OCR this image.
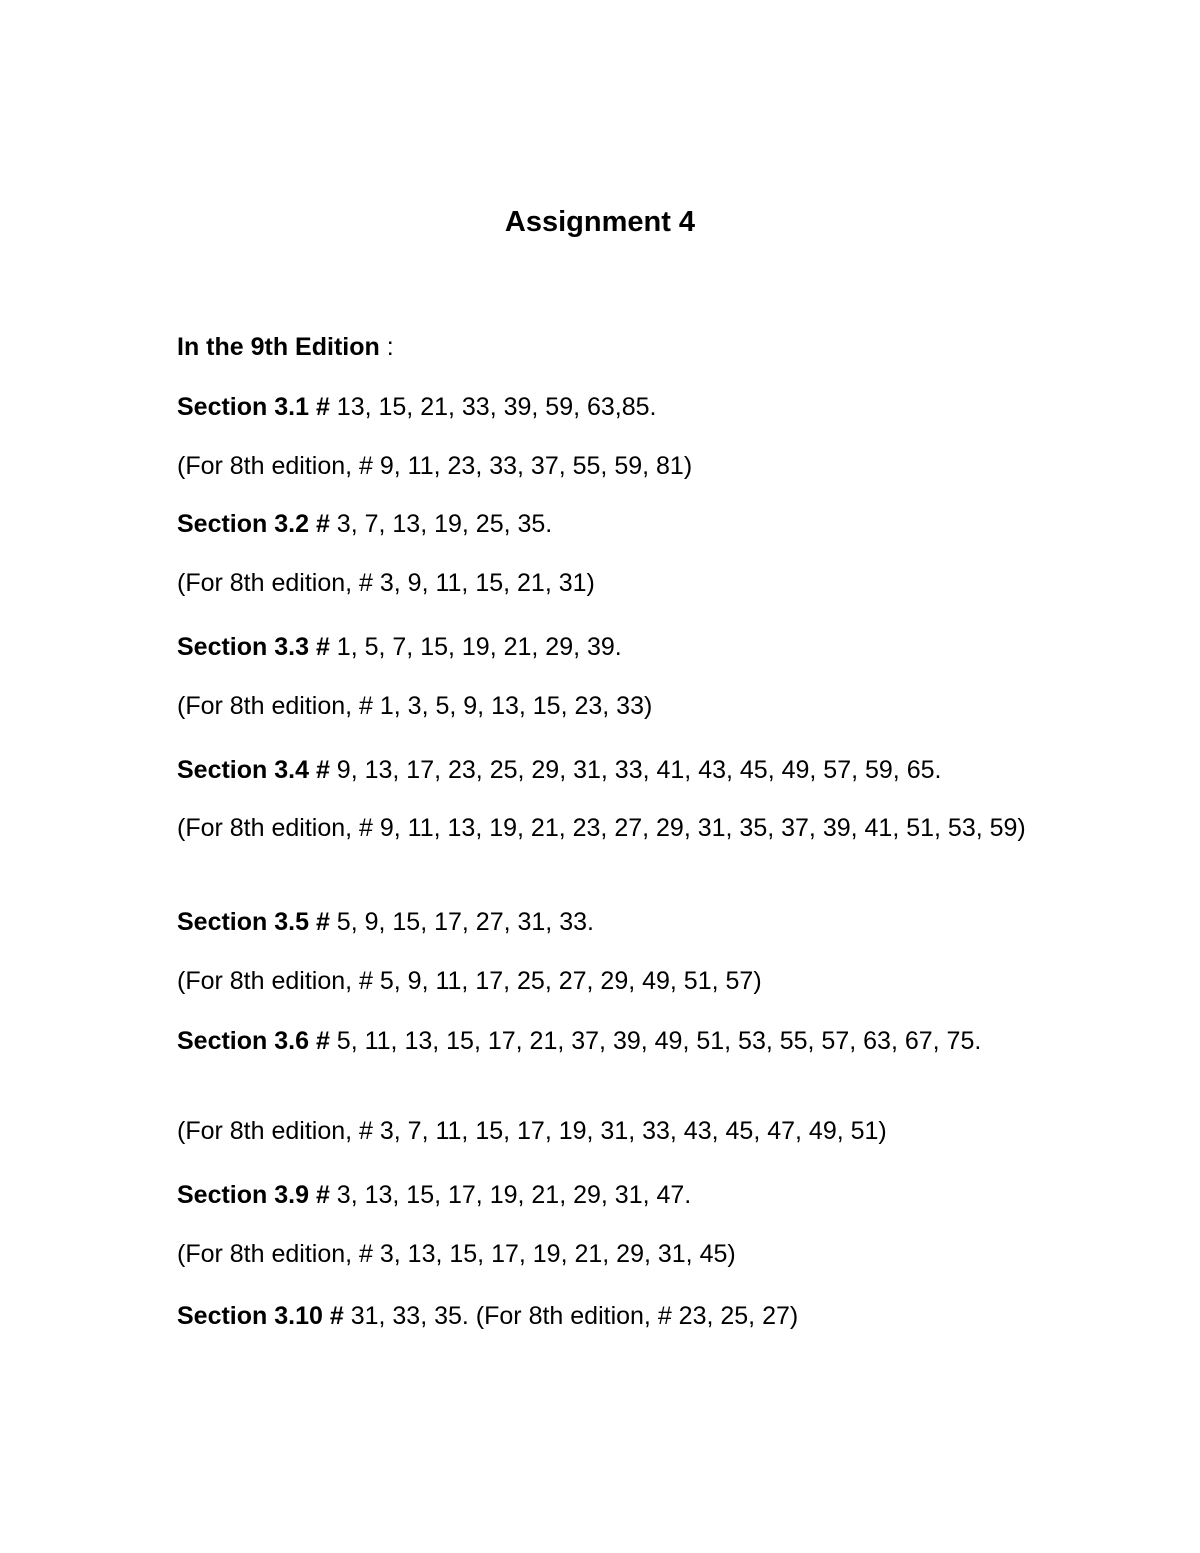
Assignment 4

In the 9th Edition :

Section 3.1 # 13, 15, 21, 33, 39, 59, 63,85.

(For 8th edition, # 9, 11, 23, 33, 37, 55, 59, 81)

Section 3.2 # 3, 7, 13, 19, 25, 35.

(For 8th edition, # 3, 9, 11, 15, 21, 31)

Section 3.3 # 1, 5, 7, 15, 19, 21, 29, 39.

(For 8th edition, # 1, 3, 5, 9, 13, 15, 23, 33)

Section 3.4 # 9, 13, 17, 23, 25, 29, 31, 33, 41, 43, 45, 49, 57, 59, 65.

(For 8th edition, # 9, 11, 13, 19, 21, 23, 27, 29, 31, 35, 37, 39, 41, 51, 53, 59)

Section 3.5 # 5, 9, 15, 17, 27, 31, 33.

(For 8th edition, # 5, 9, 11, 17, 25, 27, 29, 49, 51, 57)

Section 3.6 # 5, 11, 13, 15, 17, 21, 37, 39, 49, 51, 53, 55, 57, 63, 67, 75.

(For 8th edition, # 3, 7, 11, 15, 17, 19, 31, 33, 43, 45, 47, 49, 51)

Section 3.9 # 3, 13, 15, 17, 19, 21, 29, 31, 47.

(For 8th edition, # 3, 13, 15, 17, 19, 21, 29, 31, 45)

Section 3.10 # 31, 33, 35. (For 8th edition, # 23, 25, 27)
